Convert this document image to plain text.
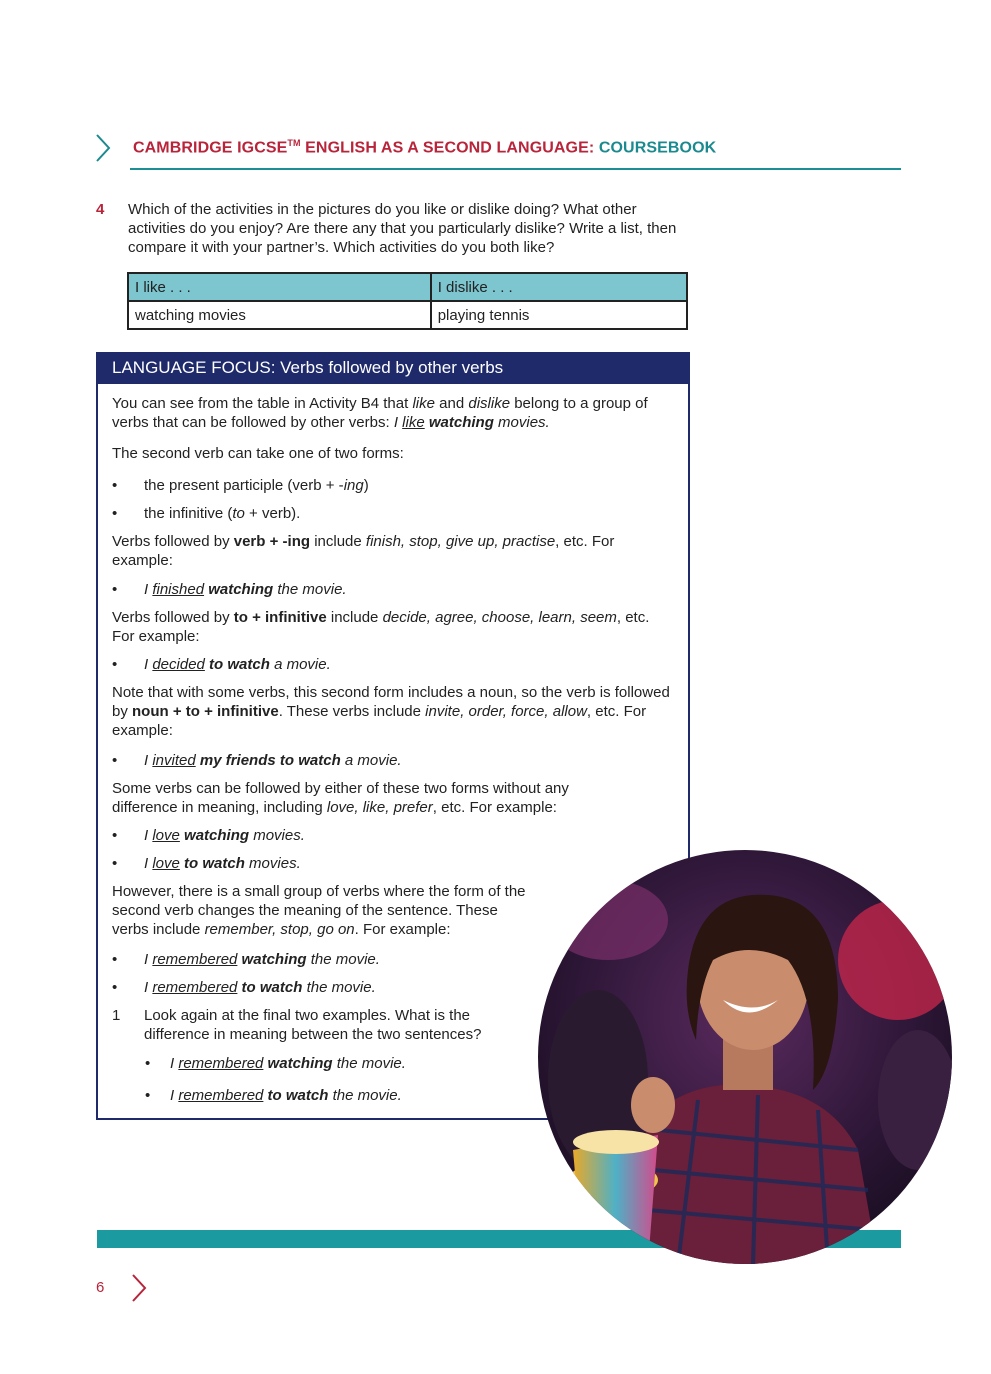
CAMBRIDGE IGCSE™ ENGLISH AS A SECOND LANGUAGE: COURSEBOOK
4 Which of the activities in the pictures do you like or dislike doing? What other activities do you enjoy? Are there any that you particularly dislike? Write a list, then compare it with your partner’s. Which activities do you both like?
I like . . .	I dislike . . .
watching movies	playing tennis
LANGUAGE FOCUS: Verbs followed by other verbs
You can see from the table in Activity B4 that like and dislike belong to a group of verbs that can be followed by other verbs: I like watching movies.
The second verb can take one of two forms:
• the present participle (verb + -ing)
• the infinitive (to + verb).
Verbs followed by verb + -ing include finish, stop, give up, practise, etc. For example:
• I finished watching the movie.
Verbs followed by to + infinitive include decide, agree, choose, learn, seem, etc. For example:
• I decided to watch a movie.
Note that with some verbs, this second form includes a noun, so the verb is followed by noun + to + infinitive. These verbs include invite, order, force, allow, etc. For example:
• I invited my friends to watch a movie.
Some verbs can be followed by either of these two forms without any difference in meaning, including love, like, prefer, etc. For example:
• I love watching movies.
• I love to watch movies.
However, there is a small group of verbs where the form of the second verb changes the meaning of the sentence. These verbs include remember, stop, go on. For example:
• I remembered watching the movie.
• I remembered to watch the movie.
1 Look again at the final two examples. What is the difference in meaning between the two sentences?
• I remembered watching the movie.
• I remembered to watch the movie.
6
